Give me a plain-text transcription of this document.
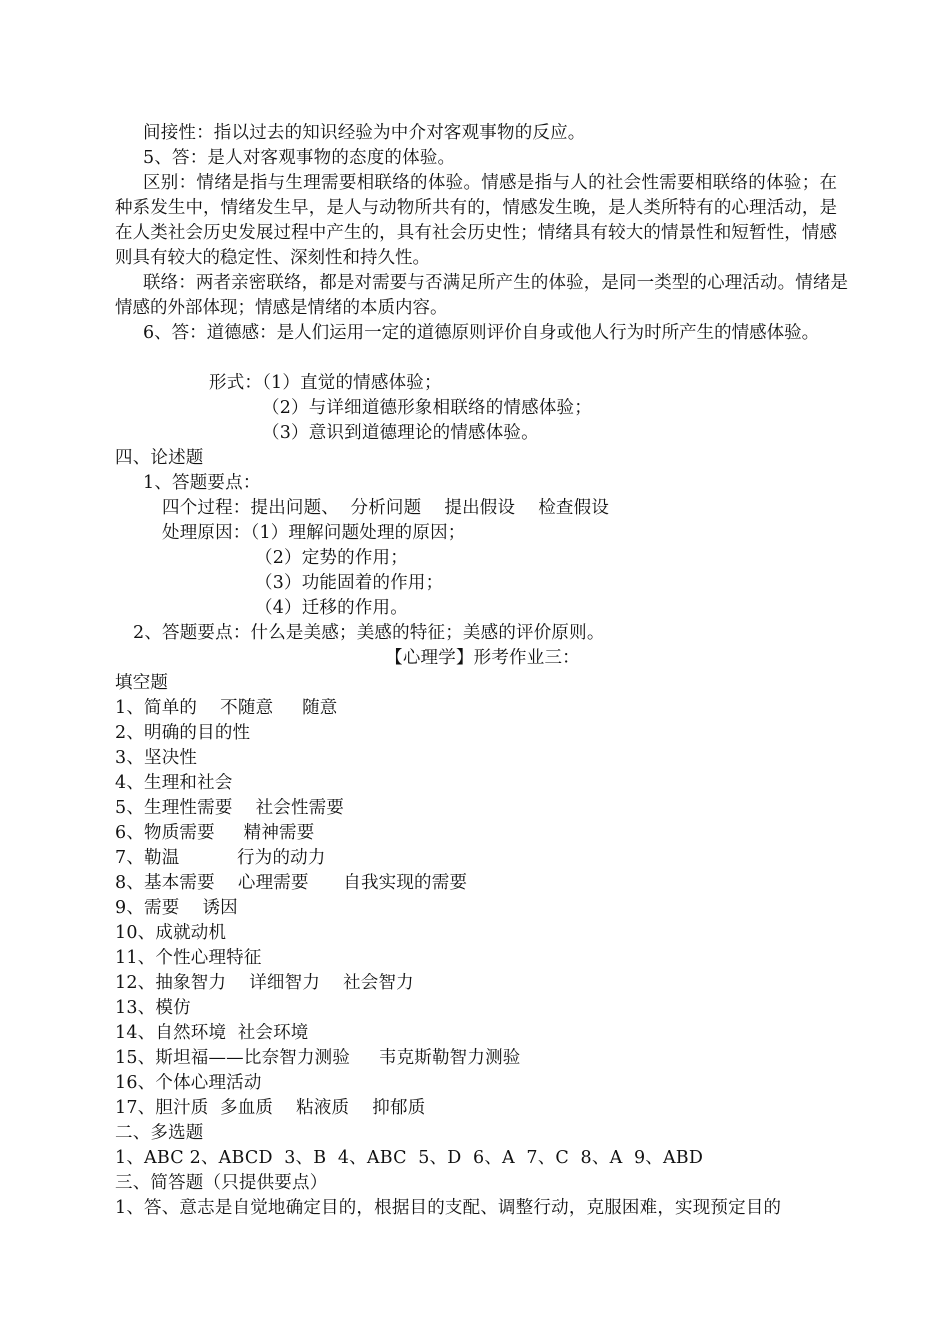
间接性：指以过去的知识经验为中介对客观事物的反应。
5、答：是人对客观事物的态度的体验。
区别：情绪是指与生理需要相联络的体验。情感是指与人的社会性需要相联络的体验；在种系发生中，情绪发生早，是人与动物所共有的，情感发生晚，是人类所特有的心理活动，是在人类社会历史发展过程中产生的，具有社会历史性；情绪具有较大的情景性和短暂性，情感则具有较大的稳定性、深刻性和持久性。
联络：两者亲密联络，都是对需要与否满足所产生的体验，是同一类型的心理活动。情绪是情感的外部体现；情感是情绪的本质内容。
6、答：道德感：是人们运用一定的道德原则评价自身或他人行为时所产生的情感体验。
形式：（1）直觉的情感体验；
（2）与详细道德形象相联络的情感体验；
（3）意识到道德理论的情感体验。
四、论述题
1、答题要点：
四个过程：提出问题、  分析问题    提出假设    检查假设
处理原因：（1）理解问题处理的原因；
（2）定势的作用；
（3）功能固着的作用；
（4）迁移的作用。
2、答题要点：什么是美感；美感的特征；美感的评价原则。
【心理学】形考作业三：
填空题
1、简单的    不随意     随意
2、明确的目的性
3、坚决性
4、生理和社会
5、生理性需要    社会性需要
6、物质需要     精神需要
7、勒温          行为的动力
8、基本需要    心理需要      自我实现的需要
9、需要    诱因
10、成就动机
11、个性心理特征
12、抽象智力    详细智力    社会智力
13、模仿
14、自然环境  社会环境
15、斯坦福——比奈智力测验     韦克斯勒智力测验
16、个体心理活动
17、胆汁质  多血质    粘液质    抑郁质
二、多选题
1、ABC 2、ABCD  3、B  4、ABC  5、D  6、A  7、C  8、A  9、ABD
三、简答题（只提供要点）
1、答、意志是自觉地确定目的，根据目的支配、调整行动，克服困难，实现预定目的
